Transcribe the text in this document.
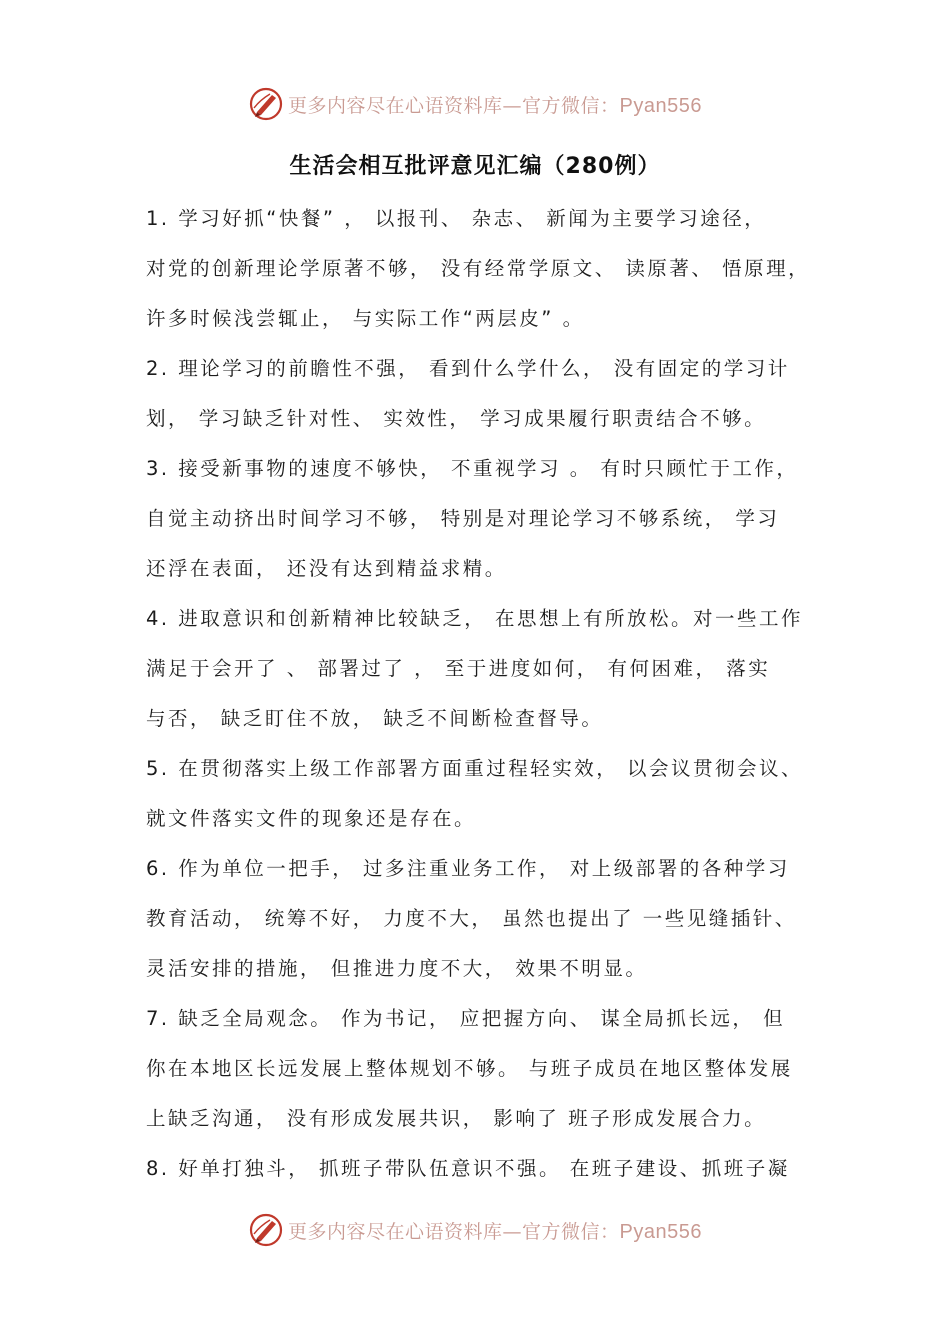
更多内容尽在心语资料库—官方微信：Pyan556
生活会相互批评意见汇编（280例）
1. 学习好抓“快餐” ， 以报刊、 杂志、 新闻为主要学习途径，
对党的创新理论学原著不够， 没有经常学原文、 读原著、 悟原理，
许多时候浅尝辄止， 与实际工作“两层皮” 。
2. 理论学习的前瞻性不强， 看到什么学什么， 没有固定的学习计
划， 学习缺乏针对性、 实效性， 学习成果履行职责结合不够。
3. 接受新事物的速度不够快， 不重视学习 。 有时只顾忙于工作，
自觉主动挤出时间学习不够， 特别是对理论学习不够系统， 学习
还浮在表面， 还没有达到精益求精。
4. 进取意识和创新精神比较缺乏， 在思想上有所放松。对一些工作
满足于会开了 、 部署过了 ， 至于进度如何， 有何困难， 落实
与否， 缺乏盯住不放， 缺乏不间断检查督导。
5. 在贯彻落实上级工作部署方面重过程轻实效， 以会议贯彻会议、
就文件落实文件的现象还是存在。
6. 作为单位一把手， 过多注重业务工作， 对上级部署的各种学习
教育活动， 统筹不好， 力度不大， 虽然也提出了 一些见缝插针、
灵活安排的措施， 但推进力度不大， 效果不明显。
7. 缺乏全局观念。 作为书记， 应把握方向、 谋全局抓长远， 但
你在本地区长远发展上整体规划不够。 与班子成员在地区整体发展
上缺乏沟通， 没有形成发展共识， 影响了 班子形成发展合力。
8. 好单打独斗， 抓班子带队伍意识不强。 在班子建设、抓班子凝
更多内容尽在心语资料库—官方微信：Pyan556
